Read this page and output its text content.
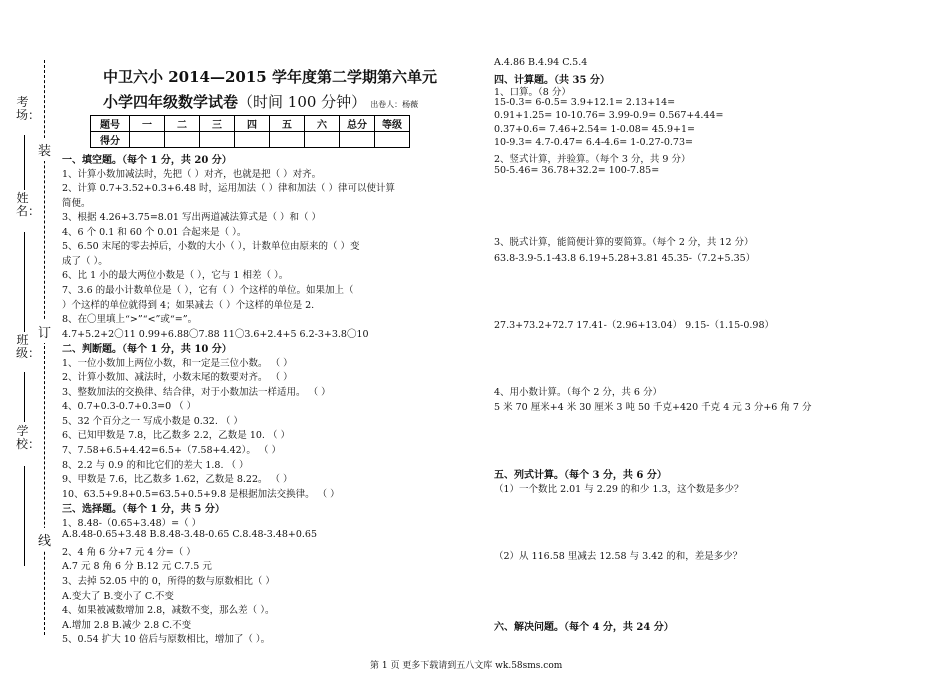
考场：
姓名：
班级：
学校：
装
订
线
中卫六小 2014—2015 学年度第二学期第六单元
小学四年级数学试卷（时间 100 分钟） 出卷人：杨薇
题号	一	二	三	四	五	六	总分	等级
得分								
一、填空题。（每个 1 分，共 20 分）
1、计算小数加减法时，先把（ ）对齐，也就是把（ ）对齐。
2、计算 0.7+3.52+0.3+6.48 时，运用加法（ ）律和加法（ ）律可以使计算
简便。
3、根据 4.26+3.75=8.01 写出两道减法算式是（ ）和（ ）
4、6 个 0.1 和 60 个 0.01 合起来是（ ）。
5、6.50 末尾的零去掉后，小数的大小（ ），计数单位由原来的（ ）变
成了（ ）。
6、比 1 小的最大两位小数是（ ），它与 1 相差（ ）。
7、3.6 的最小计数单位是（ ），它有（ ）个这样的单位。如果加上（
）个这样的单位就得到 4；如果减去（ ）个这样的单位是 2.
8、在〇里填上“>”“<”或“=”。
4.7+5.2+2〇11 0.99+6.88〇7.88 11〇3.6+2.4+5 6.2-3+3.8〇10
二、判断题。（每个 1 分，共 10 分）
1、一位小数加上两位小数，和一定是三位小数。 （ ）
2、计算小数加、减法时，小数末尾的数要对齐。 （ ）
3、整数加法的交换律、结合律，对于小数加法一样适用。 （ ）
4、0.7+0.3-0.7+0.3=0 （ ）
5、32 个百分之一 写成小数是 0.32. （ ）
6、已知甲数是 7.8，比乙数多 2.2，乙数是 10. （ ）
7、7.58+6.5+4.42=6.5+（7.58+4.42）。 （ ）
8、2.2 与 0.9 的和比它们的差大 1.8. （ ）
9、甲数是 7.6，比乙数多 1.62，乙数是 8.22。 （ ）
10、63.5+9.8+0.5=63.5+0.5+9.8 是根据加法交换律。 （ ）
三、选择题。（每个 1 分，共 5 分）
1、8.48-（0.65+3.48）=（ ）
A.8.48-0.65+3.48 B.8.48-3.48-0.65 C.8.48-3.48+0.65
2、4 角 6 分+7 元 4 分=（ ）
A.7 元 8 角 6 分 B.12 元 C.7.5 元
3、去掉 52.05 中的 0，所得的数与原数相比（ ）
A.变大了 B.变小了 C.不变
4、如果被减数增加 2.8，减数不变，那么差（ ）。
A.增加 2.8 B.减少 2.8 C.不变
5、0.54 扩大 10 倍后与原数相比，增加了（ ）。
A.4.86 B.4.94 C.5.4
四、计算题。（共 35 分）
1、口算。（8 分）
15-0.3= 6-0.5= 3.9+12.1= 2.13+14=
0.91+1.25= 10-10.76= 3.99-0.9= 0.567+4.44=
0.37+0.6= 7.46+2.54= 1-0.08= 45.9+1=
10-9.3= 4.7-0.47= 6.4-4.6= 1-0.27-0.73=
2、竖式计算，并验算。（每个 3 分，共 9 分）
50-5.46= 36.78+32.2= 100-7.85=
3、脱式计算，能简便计算的要简算。（每个 2 分，共 12 分）
63.8-3.9-5.1-43.8 6.19+5.28+3.81 45.35-（7.2+5.35）
27.3+73.2+72.7 17.41-（2.96+13.04） 9.15-（1.15-0.98）
4、用小数计算。（每个 2 分，共 6 分）
5 米 70 厘米+4 米 30 厘米 3 吨 50 千克+420 千克 4 元 3 分+6 角 7 分
五、列式计算。（每个 3 分，共 6 分）
（1）一个数比 2.01 与 2.29 的和少 1.3，这个数是多少？
（2）从 116.58 里减去 12.58 与 3.42 的和，差是多少？
六、解决问题。（每个 4 分，共 24 分）
第 1 页 更多下载请到五八文库 wk.58sms.com
